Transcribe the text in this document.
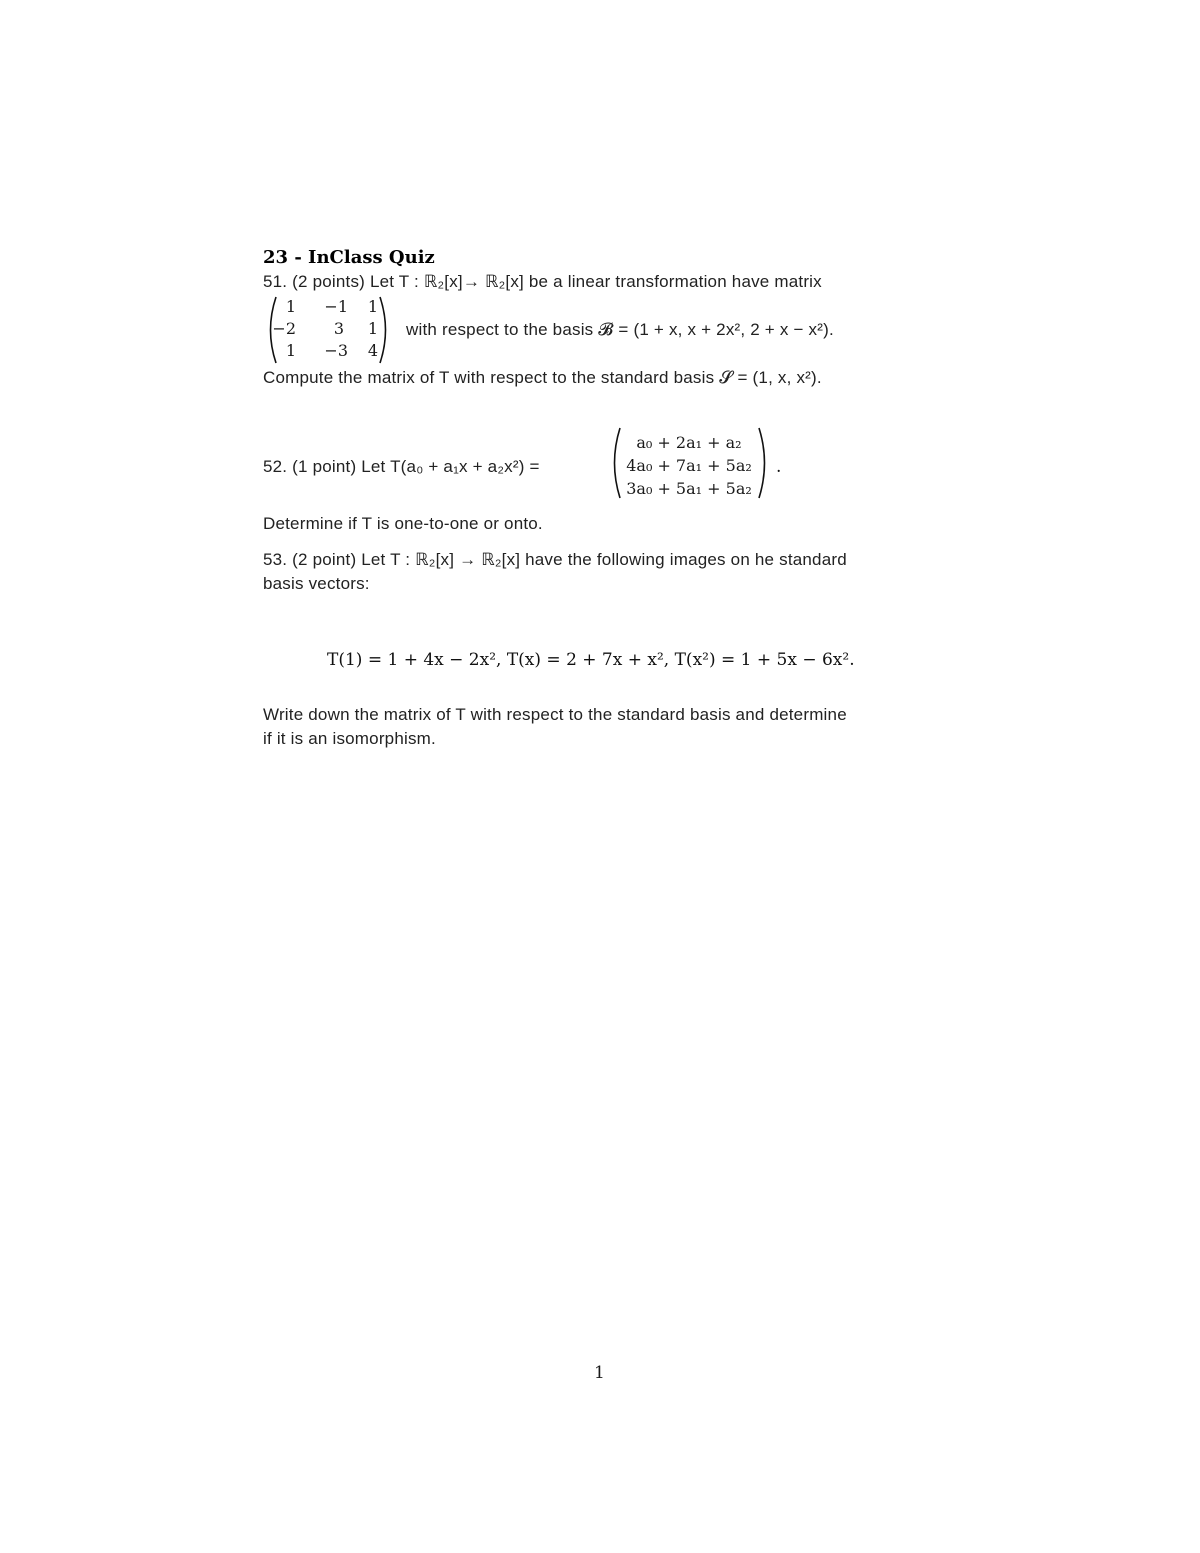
23 - InClass Quiz
51. (2 points) Let T : ℝ₂[x]→ ℝ₂[x] be a linear transformation have matrix
1	−1	1
−2	3	1
1	−3	4
with respect to the basis 𝓑 = (1 + x, x + 2x², 2 + x − x²).
Compute the matrix of T with respect to the standard basis 𝓢 = (1, x, x²).
52. (1 point) Let T(a₀ + a₁x + a₂x²) =
a₀ + 2a₁ + a₂
4a₀ + 7a₁ + 5a₂
3a₀ + 5a₁ + 5a₂
.
Determine if T is one-to-one or onto.
53. (2 point) Let T : ℝ₂[x] → ℝ₂[x] have the following images on he standard
basis vectors:
T(1) = 1 + 4x − 2x², T(x) = 2 + 7x + x², T(x²) = 1 + 5x − 6x².
Write down the matrix of T with respect to the standard basis and determine
if it is an isomorphism.
1
